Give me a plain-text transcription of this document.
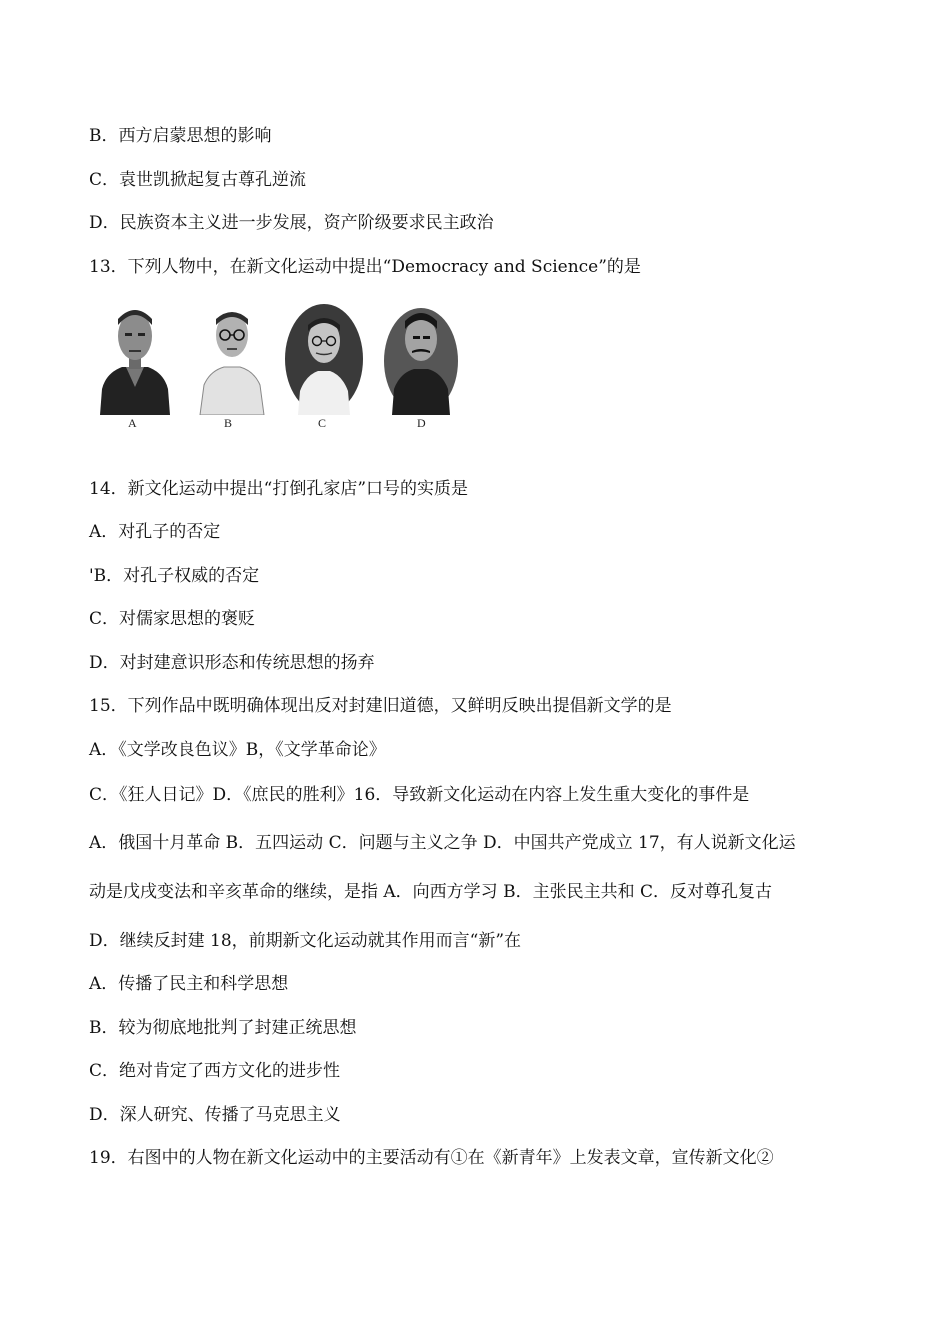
B．西方启蒙思想的影响
C．袁世凯掀起复古尊孔逆流
D．民族资本主义进一步发展，资产阶级要求民主政治
13．下列人物中，在新文化运动中提出“Democracy and Science”的是
A	B	C	D
14．新文化运动中提出“打倒孔家店”口号的实质是
A．对孔子的否定
'B．对孔子权威的否定
C．对儒家思想的褒贬
D．对封建意识形态和传统思想的扬弃
15．下列作品中既明确体现出反对封建旧道德，又鲜明反映出提倡新文学的是
A．《文学改良色议》B，《文学革命论》
C．《狂人日记》D．《庶民的胜利》16．导致新文化运动在内容上发生重大变化的事件是
A．俄国十月革命 B．五四运动 C．问题与主义之争 D．中国共产党成立 17，有人说新文化运
动是戊戌变法和辛亥革命的继续，是指 A．向西方学习 B．主张民主共和 C．反对尊孔复古
D．继续反封建 18，前期新文化运动就其作用而言“新”在
A．传播了民主和科学思想
B．较为彻底地批判了封建正统思想
C．绝对肯定了西方文化的进步性
D．深人研究、传播了马克思主义
19．右图中的人物在新文化运动中的主要活动有①在《新青年》上发表文章，宣传新文化②
